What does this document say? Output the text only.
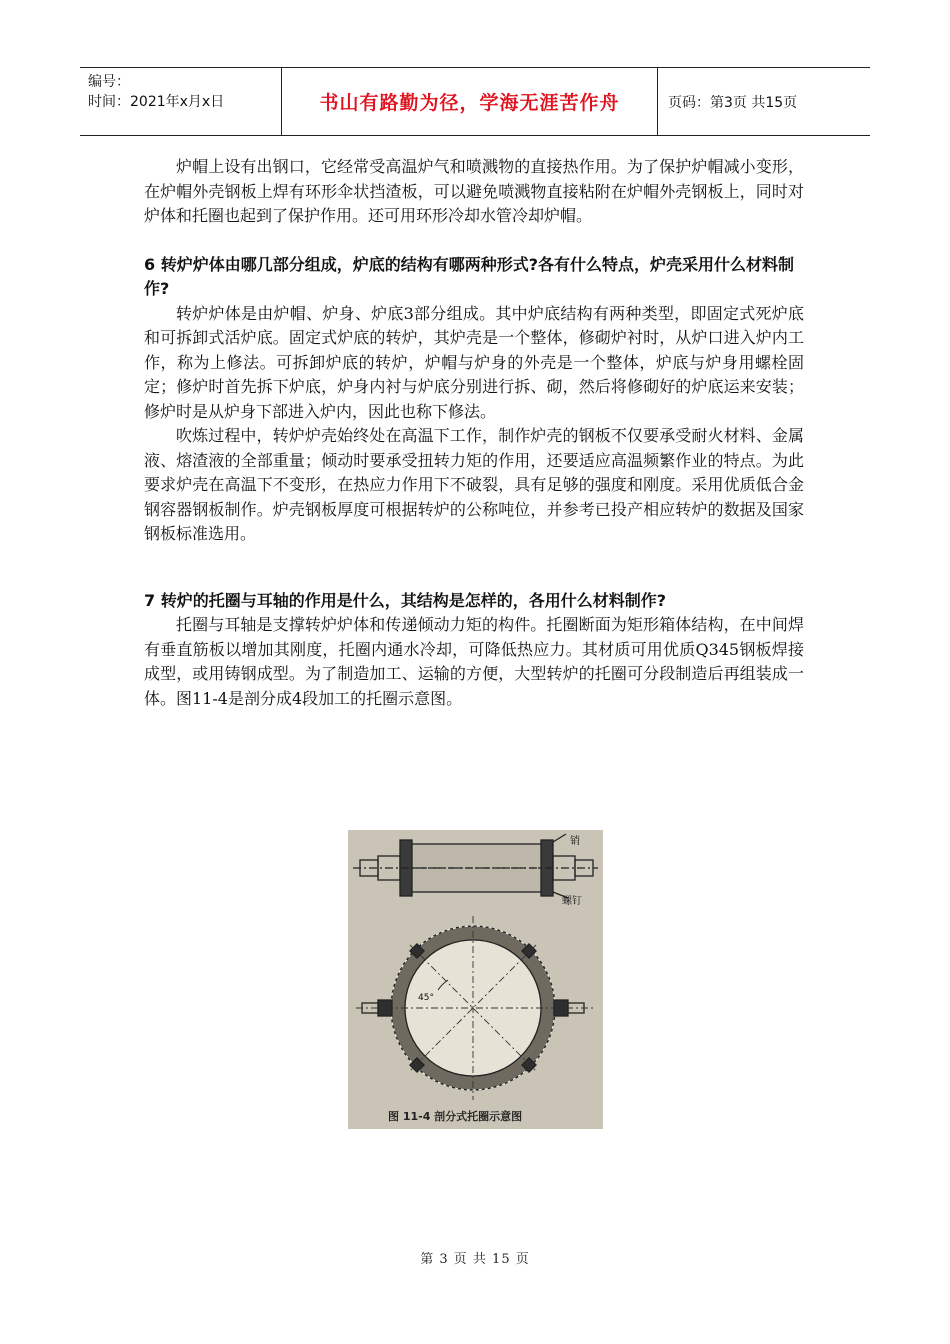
编号：
时间：2021年x月x日	书山有路勤为径，学海无涯苦作舟	页码：第3页 共15页

炉帽上设有出钢口，它经常受高温炉气和喷溅物的直接热作用。为了保护炉帽减小变形，在炉帽外壳钢板上焊有环形伞状挡渣板，可以避免喷溅物直接粘附在炉帽外壳钢板上，同时对炉体和托圈也起到了保护作用。还可用环形冷却水管冷却炉帽。

6 转炉炉体由哪几部分组成，炉底的结构有哪两种形式?各有什么特点，炉壳采用什么材料制作?

转炉炉体是由炉帽、炉身、炉底3部分组成。其中炉底结构有两种类型，即固定式死炉底和可拆卸式活炉底。固定式炉底的转炉，其炉壳是一个整体，修砌炉衬时，从炉口进入炉内工作，称为上修法。可拆卸炉底的转炉，炉帽与炉身的外壳是一个整体，炉底与炉身用螺栓固定；修炉时首先拆下炉底，炉身内衬与炉底分别进行拆、砌，然后将修砌好的炉底运来安装；修炉时是从炉身下部进入炉内，因此也称下修法。

吹炼过程中，转炉炉壳始终处在高温下工作，制作炉壳的钢板不仅要承受耐火材料、金属液、熔渣液的全部重量；倾动时要承受扭转力矩的作用，还要适应高温频繁作业的特点。为此要求炉壳在高温下不变形，在热应力作用下不破裂，具有足够的强度和刚度。采用优质低合金钢容器钢板制作。炉壳钢板厚度可根据转炉的公称吨位，并参考已投产相应转炉的数据及国家钢板标准选用。

7 转炉的托圈与耳轴的作用是什么，其结构是怎样的，各用什么材料制作?

托圈与耳轴是支撑转炉炉体和传递倾动力矩的构件。托圈断面为矩形箱体结构，在中间焊有垂直筋板以增加其刚度，托圈内通水冷却，可降低热应力。其材质可用优质Q345钢板焊接成型，或用铸钢成型。为了制造加工、运输的方便，大型转炉的托圈可分段制造后再组装成一体。图11-4是剖分成4段加工的托圈示意图。

销
螺钉
45°
图 11-4 剖分式托圈示意图
第 3 页 共 15 页
